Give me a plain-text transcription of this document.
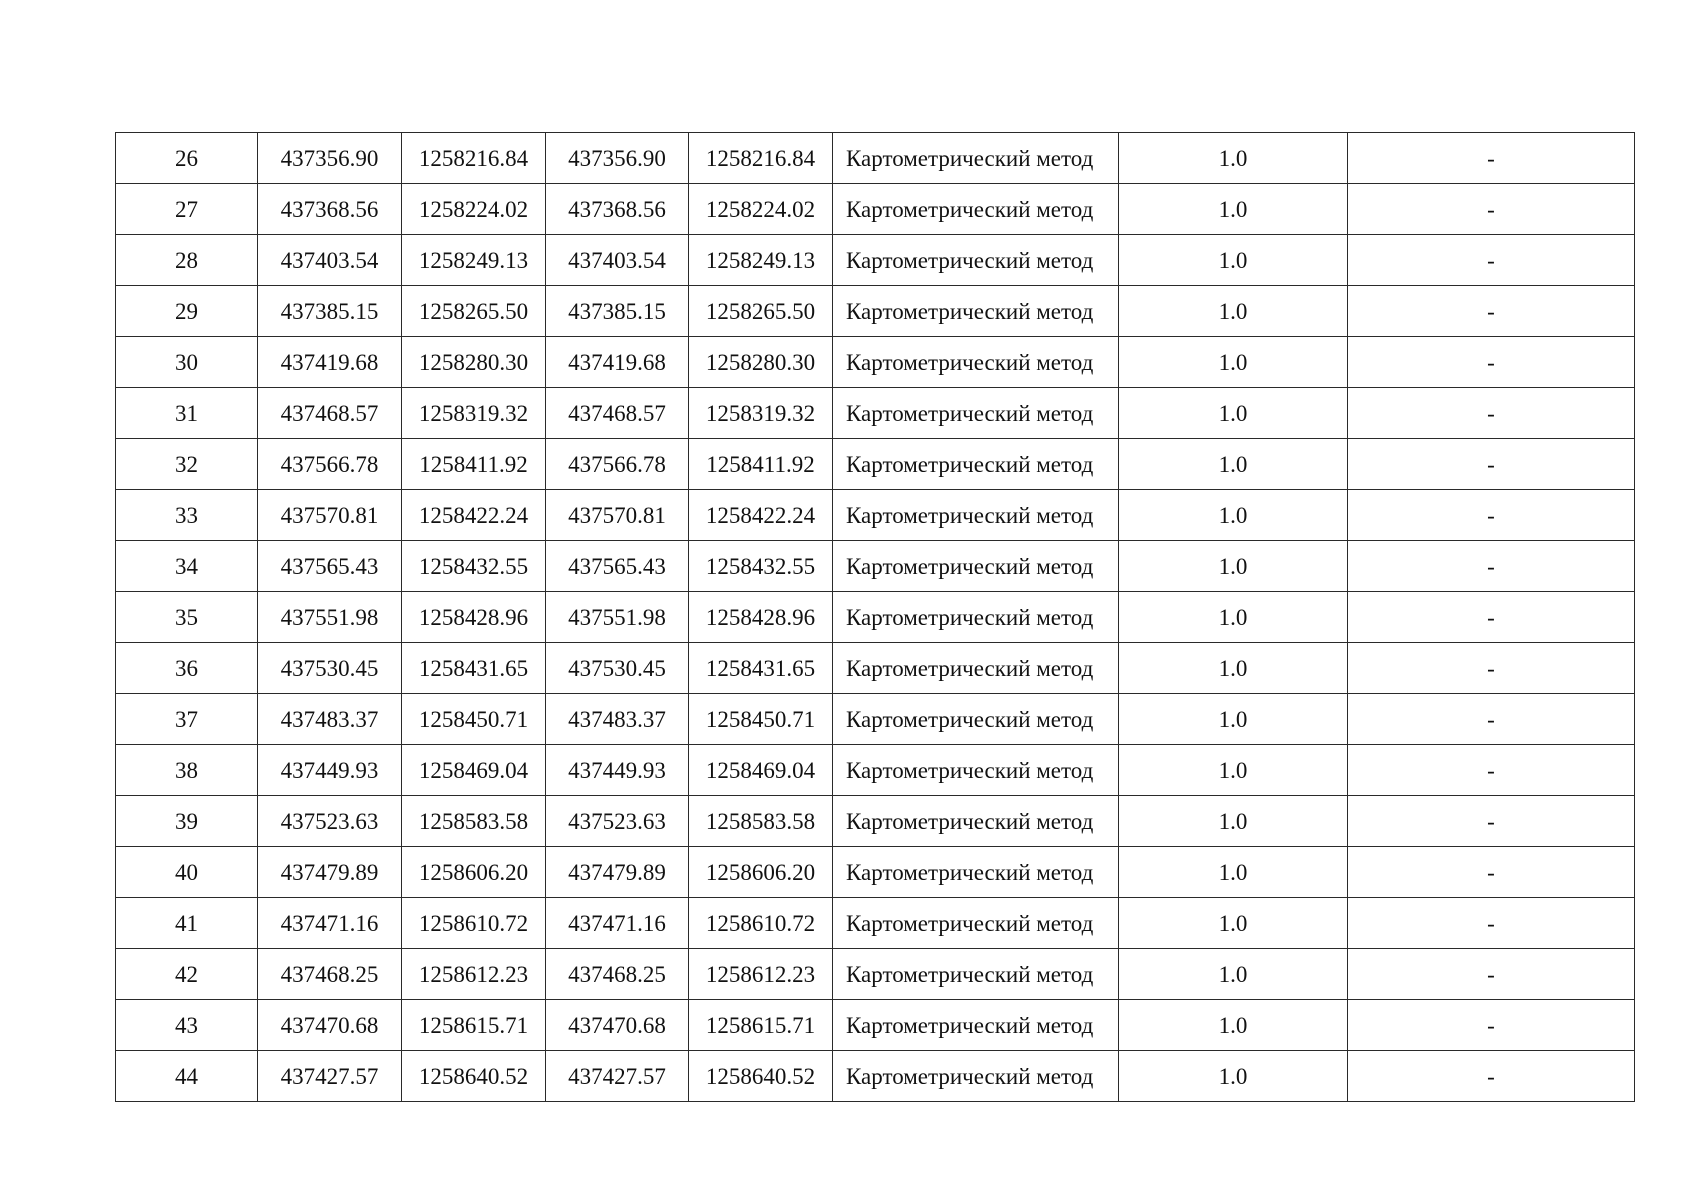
26	437356.90	1258216.84	437356.90	1258216.84	Картометрический метод	1.0	-
27	437368.56	1258224.02	437368.56	1258224.02	Картометрический метод	1.0	-
28	437403.54	1258249.13	437403.54	1258249.13	Картометрический метод	1.0	-
29	437385.15	1258265.50	437385.15	1258265.50	Картометрический метод	1.0	-
30	437419.68	1258280.30	437419.68	1258280.30	Картометрический метод	1.0	-
31	437468.57	1258319.32	437468.57	1258319.32	Картометрический метод	1.0	-
32	437566.78	1258411.92	437566.78	1258411.92	Картометрический метод	1.0	-
33	437570.81	1258422.24	437570.81	1258422.24	Картометрический метод	1.0	-
34	437565.43	1258432.55	437565.43	1258432.55	Картометрический метод	1.0	-
35	437551.98	1258428.96	437551.98	1258428.96	Картометрический метод	1.0	-
36	437530.45	1258431.65	437530.45	1258431.65	Картометрический метод	1.0	-
37	437483.37	1258450.71	437483.37	1258450.71	Картометрический метод	1.0	-
38	437449.93	1258469.04	437449.93	1258469.04	Картометрический метод	1.0	-
39	437523.63	1258583.58	437523.63	1258583.58	Картометрический метод	1.0	-
40	437479.89	1258606.20	437479.89	1258606.20	Картометрический метод	1.0	-
41	437471.16	1258610.72	437471.16	1258610.72	Картометрический метод	1.0	-
42	437468.25	1258612.23	437468.25	1258612.23	Картометрический метод	1.0	-
43	437470.68	1258615.71	437470.68	1258615.71	Картометрический метод	1.0	-
44	437427.57	1258640.52	437427.57	1258640.52	Картометрический метод	1.0	-
